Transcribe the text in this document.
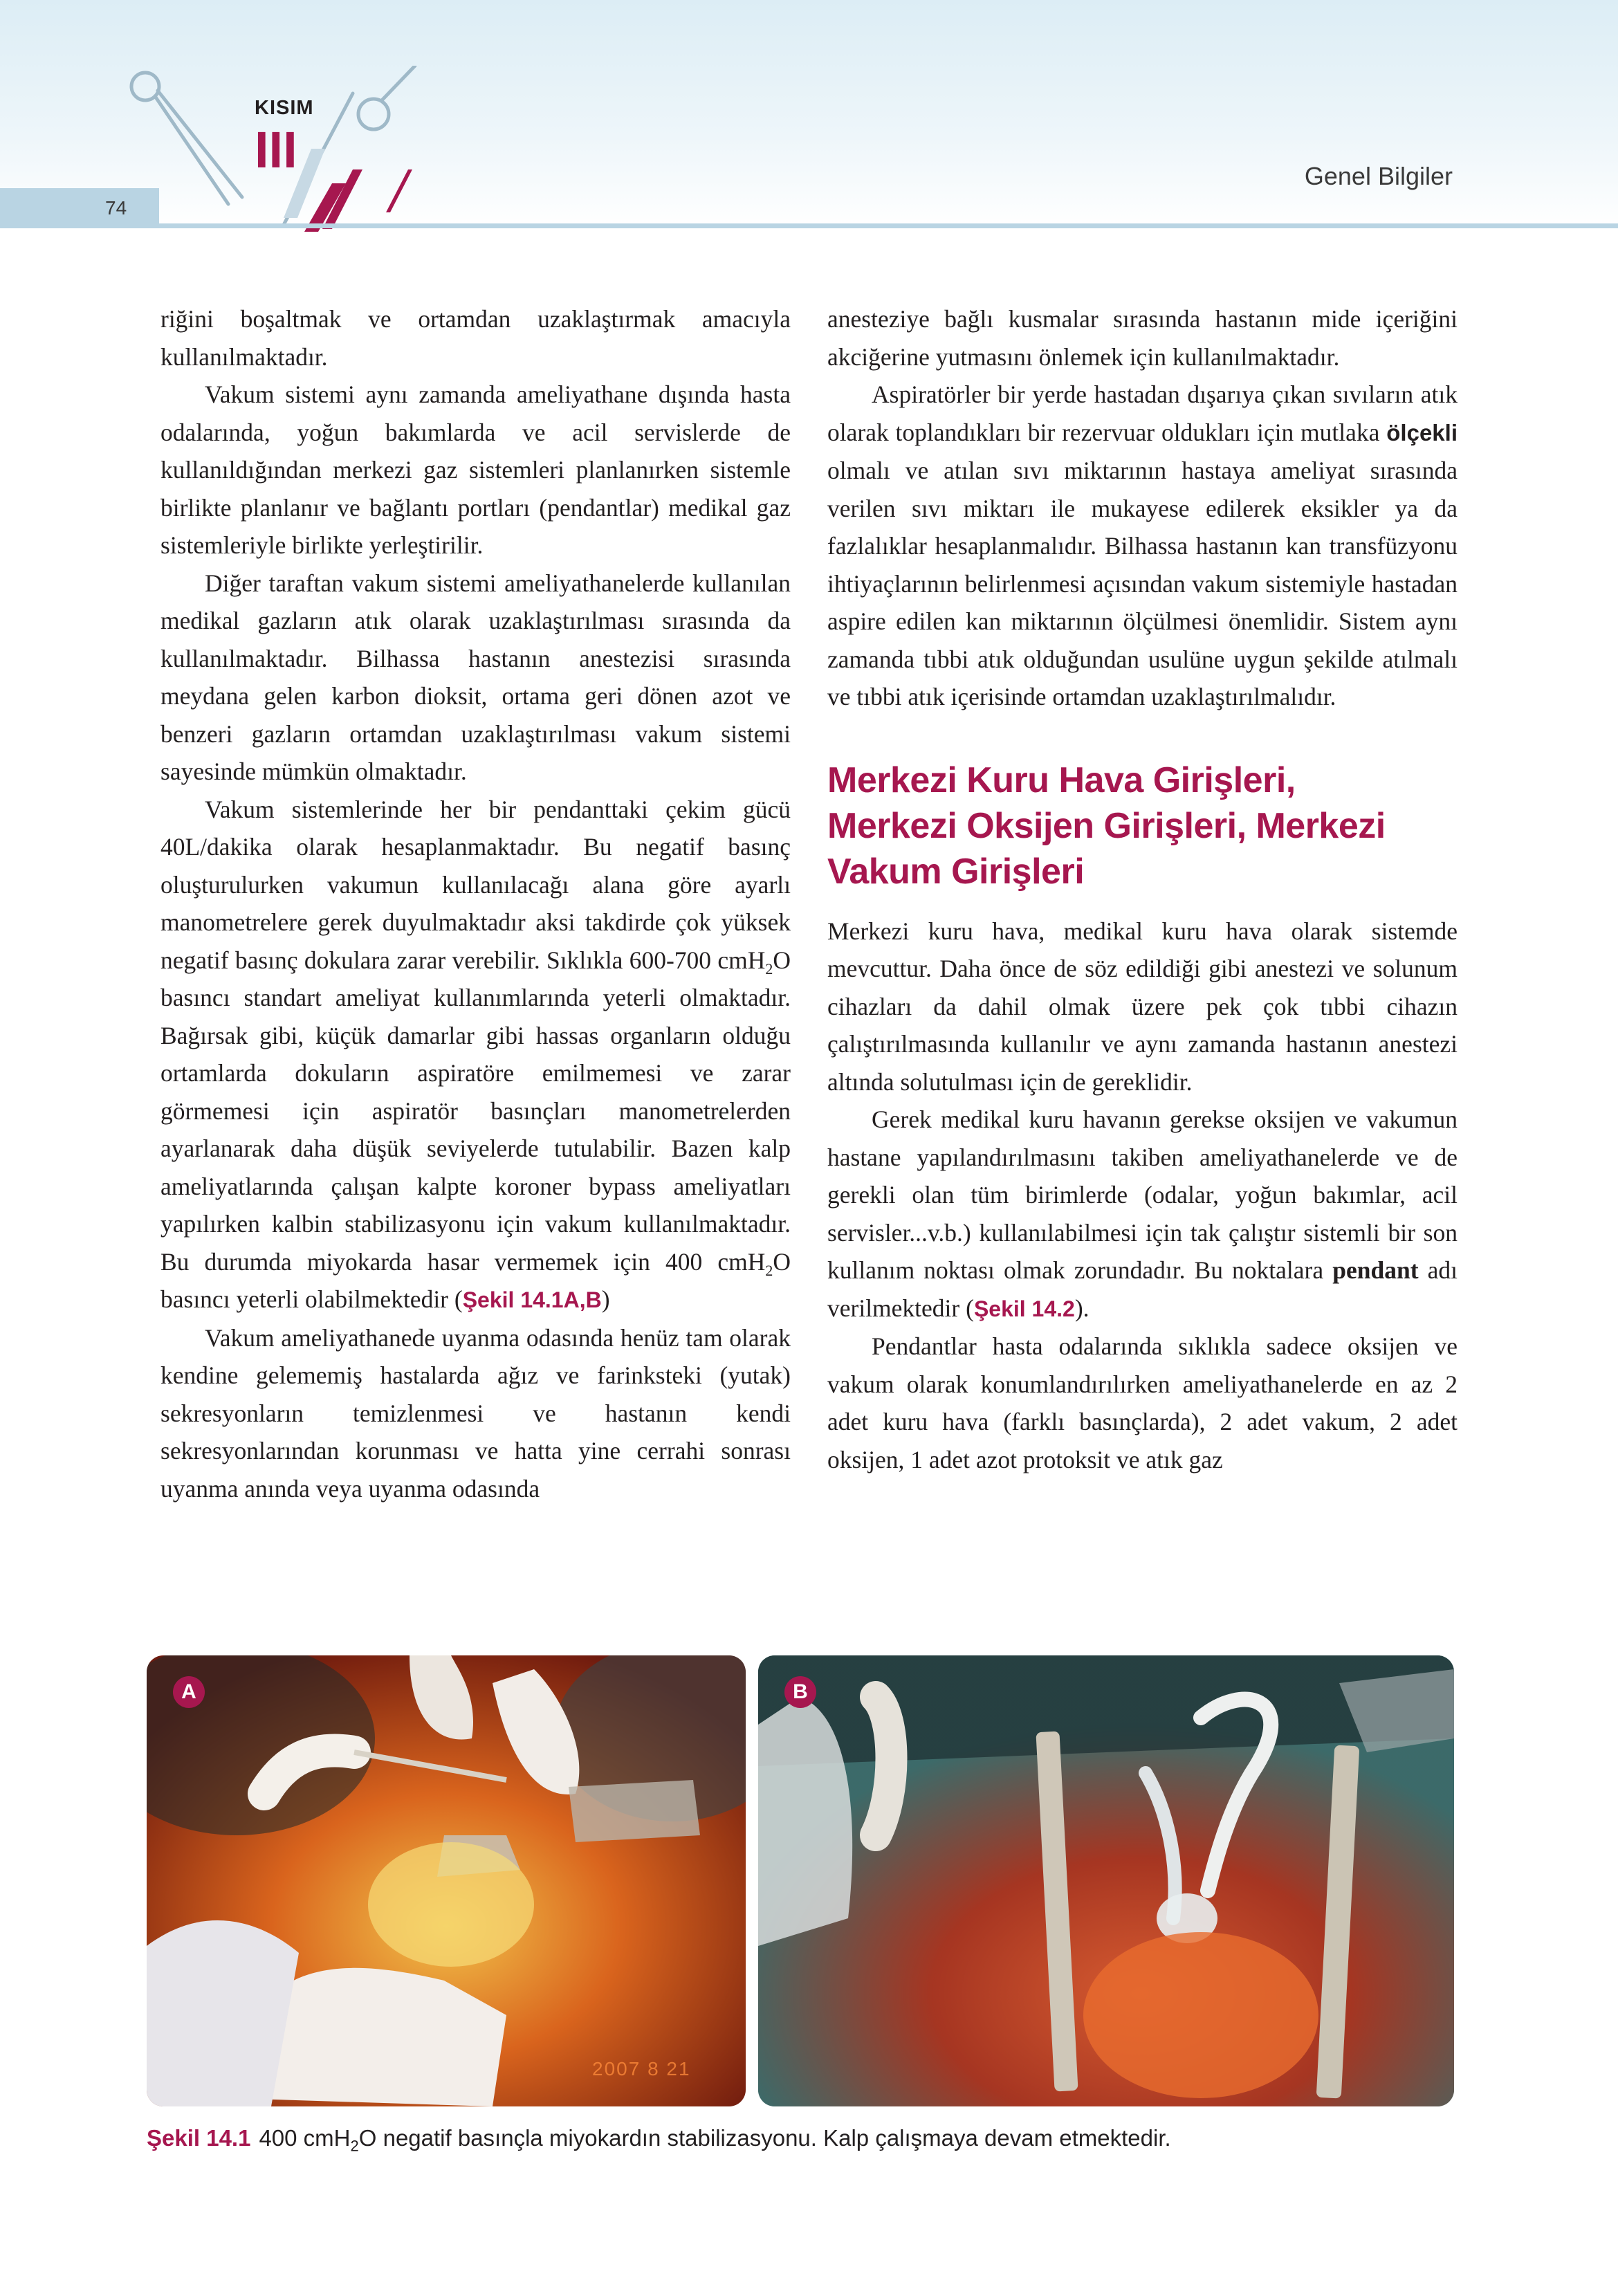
74
KISIM
III	Genel Bilgiler

riğini boşaltmak ve ortamdan uzaklaştırmak amacıyla kullanılmaktadır.

Vakum sistemi aynı zamanda ameliyathane dışında hasta odalarında, yoğun bakımlarda ve acil servislerde de kullanıldığından merkezi gaz sistemleri planlanırken sistemle birlikte planlanır ve bağlantı portları (pendantlar) medikal gaz sistemleriyle birlikte yerleştirilir.

Diğer taraftan vakum sistemi ameliyathanelerde kullanılan medikal gazların atık olarak uzaklaştırılması sırasında da kullanılmaktadır. Bilhassa hastanın anestezisi sırasında meydana gelen karbon dioksit, ortama geri dönen azot ve benzeri gazların ortamdan uzaklaştırılması vakum sistemi sayesinde mümkün olmaktadır.

Vakum sistemlerinde her bir pendanttaki çekim gücü 40L/dakika olarak hesaplanmaktadır. Bu negatif basınç oluşturulurken vakumun kullanılacağı alana göre ayarlı manometrelere gerek duyulmaktadır aksi takdirde çok yüksek negatif basınç dokulara zarar verebilir. Sıklıkla 600-700 cmH$_2$O basıncı standart ameliyat kullanımlarında yeterli olmaktadır. Bağırsak gibi, küçük damarlar gibi hassas organların olduğu ortamlarda dokuların aspiratöre emilmemesi ve zarar görmemesi için aspiratör basınçları manometrelerden ayarlanarak daha düşük seviyelerde tutulabilir. Bazen kalp ameliyatlarında çalışan kalpte koroner bypass ameliyatları yapılırken kalbin stabilizasyonu için vakum kullanılmaktadır. Bu durumda miyokarda hasar vermemek için 400 cmH$_2$O basıncı yeterli olabilmektedir (Şekil 14.1A,B)

Vakum ameliyathanede uyanma odasında henüz tam olarak kendine gelememiş hastalarda ağız ve farinksteki (yutak) sekresyonların temizlenmesi ve hastanın kendi sekresyonlarından korunması ve hatta yine cerrahi sonrası uyanma anında veya uyanma odasında

anesteziye bağlı kusmalar sırasında hastanın mide içeriğini akciğerine yutmasını önlemek için kullanılmaktadır.

Aspiratörler bir yerde hastadan dışarıya çıkan sıvıların atık olarak toplandıkları bir rezervuar oldukları için mutlaka ölçekli olmalı ve atılan sıvı miktarının hastaya ameliyat sırasında verilen sıvı miktarı ile mukayese edilerek eksikler ya da fazlalıklar hesaplanmalıdır. Bilhassa hastanın kan transfüzyonu ihtiyaçlarının belirlenmesi açısından vakum sistemiyle hastadan aspire edilen kan miktarının ölçülmesi önemlidir. Sistem aynı zamanda tıbbi atık olduğundan usulüne uygun şekilde atılmalı ve tıbbi atık içerisinde ortamdan uzaklaştırılmalıdır.

Merkezi Kuru Hava Girişleri,
Merkezi Oksijen Girişleri, Merkezi
Vakum Girişleri

Merkezi kuru hava, medikal kuru hava olarak sistemde mevcuttur. Daha önce de söz edildiği gibi anestezi ve solunum cihazları da dahil olmak üzere pek çok tıbbi cihazın çalıştırılmasında kullanılır ve aynı zamanda hastanın anestezi altında solutulması için de gereklidir.

Gerek medikal kuru havanın gerekse oksijen ve vakumun hastane yapılandırılmasını takiben ameliyathanelerde ve de gerekli olan tüm birimlerde (odalar, yoğun bakımlar, acil servisler...v.b.) kullanılabilmesi için tak çalıştır sistemli bir son kullanım noktası olmak zorundadır. Bu noktalara pendant adı verilmektedir (Şekil 14.2).

Pendantlar hasta odalarında sıklıkla sadece oksijen ve vakum olarak konumlandırılırken ameliyathanelerde en az 2 adet kuru hava (farklı basınçlarda), 2 adet vakum, 2 adet oksijen, 1 adet azot protoksit ve atık gaz

A
2007 8 21
B
Şekil 14.1 400 cmH$_2$O negatif basınçla miyokardın stabilizasyonu. Kalp çalışmaya devam etmektedir.
